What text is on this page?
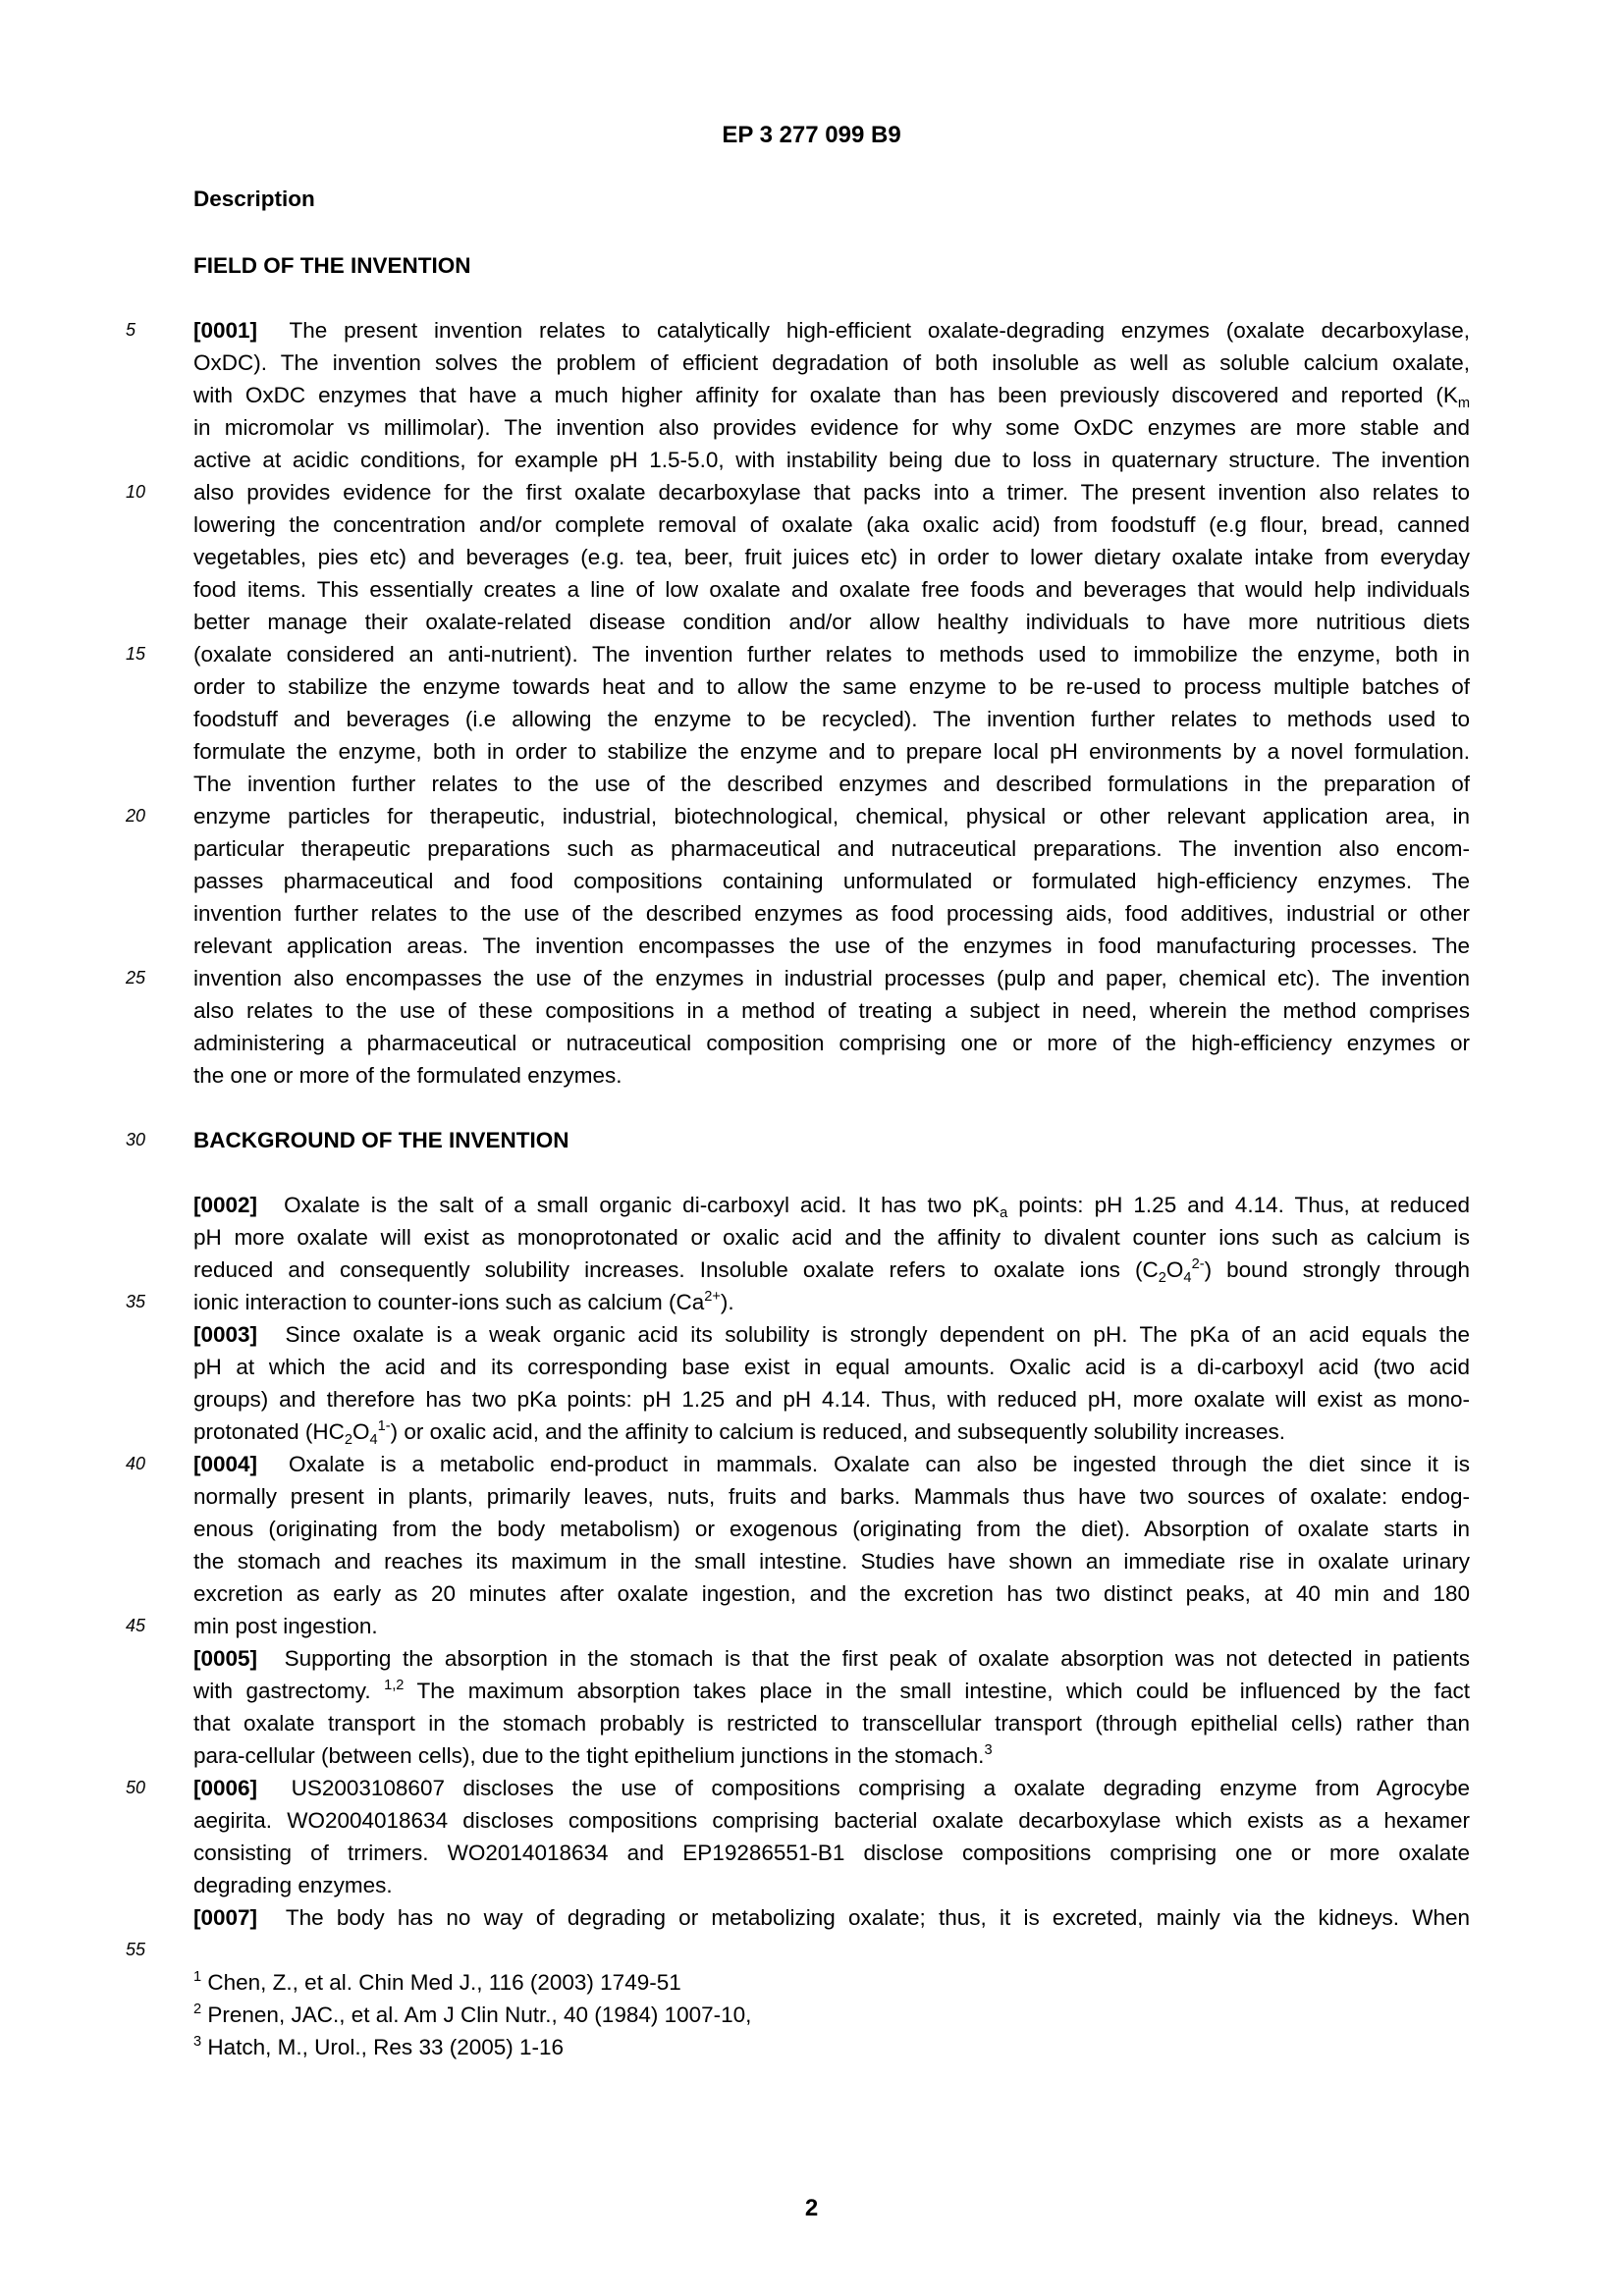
EP 3 277 099 B9
Description
FIELD OF THE INVENTION
5
10
15
20
25
30
35
40
45
50
55
[0001] The present invention relates to catalytically high-efficient oxalate-degrading enzymes (oxalate decarboxylase,
OxDC). The invention solves the problem of efficient degradation of both insoluble as well as soluble calcium oxalate,
with OxDC enzymes that have a much higher affinity for oxalate than has been previously discovered and reported ($K_m$
in micromolar vs millimolar). The invention also provides evidence for why some OxDC enzymes are more stable and
active at acidic conditions, for example pH 1.5-5.0, with instability being due to loss in quaternary structure. The invention
also provides evidence for the first oxalate decarboxylase that packs into a trimer. The present invention also relates to
lowering the concentration and/or complete removal of oxalate (aka oxalic acid) from foodstuff (e.g flour, bread, canned
vegetables, pies etc) and beverages (e.g. tea, beer, fruit juices etc) in order to lower dietary oxalate intake from everyday
food items. This essentially creates a line of low oxalate and oxalate free foods and beverages that would help individuals
better manage their oxalate-related disease condition and/or allow healthy individuals to have more nutritious diets
(oxalate considered an anti-nutrient). The invention further relates to methods used to immobilize the enzyme, both in
order to stabilize the enzyme towards heat and to allow the same enzyme to be re-used to process multiple batches of
foodstuff and beverages (i.e allowing the enzyme to be recycled). The invention further relates to methods used to
formulate the enzyme, both in order to stabilize the enzyme and to prepare local pH environments by a novel formulation.
The invention further relates to the use of the described enzymes and described formulations in the preparation of
enzyme particles for therapeutic, industrial, biotechnological, chemical, physical or other relevant application area, in
particular therapeutic preparations such as pharmaceutical and nutraceutical preparations. The invention also encom-
passes pharmaceutical and food compositions containing unformulated or formulated high-efficiency enzymes. The
invention further relates to the use of the described enzymes as food processing aids, food additives, industrial or other
relevant application areas. The invention encompasses the use of the enzymes in food manufacturing processes. The
invention also encompasses the use of the enzymes in industrial processes (pulp and paper, chemical etc). The invention
also relates to the use of these compositions in a method of treating a subject in need, wherein the method comprises
administering a pharmaceutical or nutraceutical composition comprising one or more of the high-efficiency enzymes or
the one or more of the formulated enzymes.
BACKGROUND OF THE INVENTION
[0002] Oxalate is the salt of a small organic di-carboxyl acid. It has two $pK_a$ points: pH 1.25 and 4.14. Thus, at reduced
pH more oxalate will exist as monoprotonated or oxalic acid and the affinity to divalent counter ions such as calcium is
reduced and consequently solubility increases. Insoluble oxalate refers to oxalate ions $(C_2O_4^{2-})$ bound strongly through
ionic interaction to counter-ions such as calcium $(Ca^{2+})$.
[0003] Since oxalate is a weak organic acid its solubility is strongly dependent on pH. The pKa of an acid equals the
pH at which the acid and its corresponding base exist in equal amounts. Oxalic acid is a di-carboxyl acid (two acid
groups) and therefore has two pKa points: pH 1.25 and pH 4.14. Thus, with reduced pH, more oxalate will exist as mono-
protonated $(HC_2O_4^{1-})$ or oxalic acid, and the affinity to calcium is reduced, and subsequently solubility increases.
[0004] Oxalate is a metabolic end-product in mammals. Oxalate can also be ingested through the diet since it is
normally present in plants, primarily leaves, nuts, fruits and barks. Mammals thus have two sources of oxalate: endog-
enous (originating from the body metabolism) or exogenous (originating from the diet). Absorption of oxalate starts in
the stomach and reaches its maximum in the small intestine. Studies have shown an immediate rise in oxalate urinary
excretion as early as 20 minutes after oxalate ingestion, and the excretion has two distinct peaks, at 40 min and 180
min post ingestion.
[0005] Supporting the absorption in the stomach is that the first peak of oxalate absorption was not detected in patients
with gastrectomy. $^{1,2}$ The maximum absorption takes place in the small intestine, which could be influenced by the fact
that oxalate transport in the stomach probably is restricted to transcellular transport (through epithelial cells) rather than
para-cellular (between cells), due to the tight epithelium junctions in the stomach.$^3$
[0006] US2003108607 discloses the use of compositions comprising a oxalate degrading enzyme from Agrocybe
aegirita. WO2004018634 discloses compositions comprising bacterial oxalate decarboxylase which exists as a hexamer
consisting of trrimers. WO2014018634 and EP19286551-B1 disclose compositions comprising one or more oxalate
degrading enzymes.
[0007] The body has no way of degrading or metabolizing oxalate; thus, it is excreted, mainly via the kidneys. When
$^1$ Chen, Z., et al. Chin Med J., 116 (2003) 1749-51
$^2$ Prenen, JAC., et al. Am J Clin Nutr., 40 (1984) 1007-10,
$^3$ Hatch, M., Urol., Res 33 (2005) 1-16
2
